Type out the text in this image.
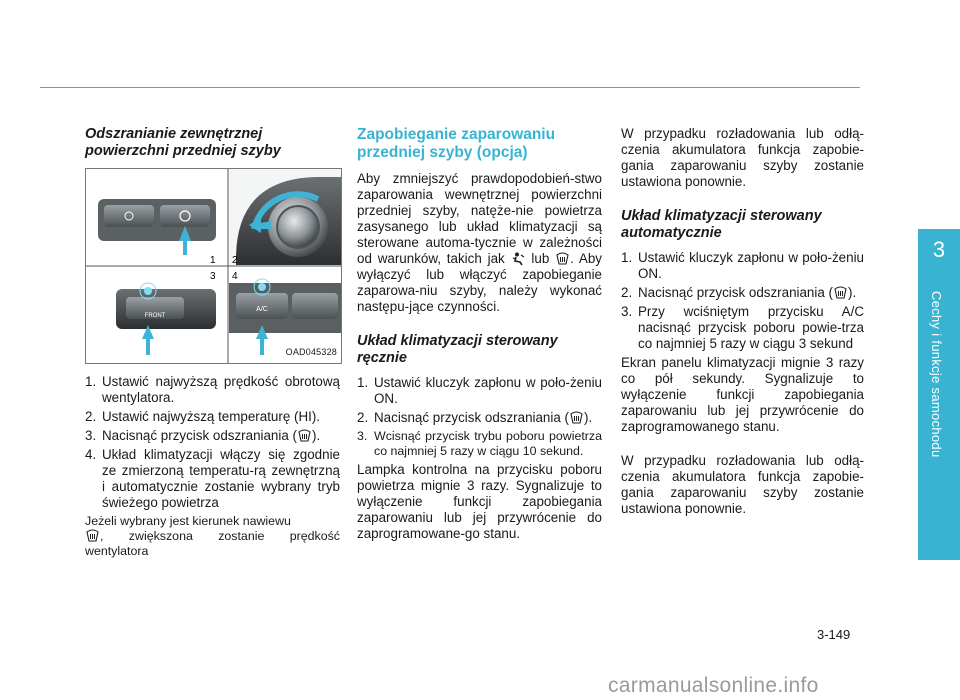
Odszranianie zewnętrznej powierzchni przedniej szyby
1 2
3
FRONT
4
A/C
OAD045328
1. Ustawić najwyższą prędkość obrotową wentylatora.
2. Ustawić najwyższą temperaturę (HI).
3. Nacisnąć przycisk odszraniania ( ).
4. Układ klimatyzacji włączy się zgodnie ze zmierzoną temperatu-rą zewnętrzną i automatycznie zostanie wybrany tryb świeżego powietrza

Jeżeli wybrany jest kierunek nawiewu
, zwiększona zostanie prędkość wentylatora

Zapobieganie zaparowaniu przedniej szyby (opcja)

Aby zmniejszyć prawdopodobień-stwo zaparowania wewnętrznej powierzchni przedniej szyby, natęże-nie powietrza zasysanego lub układ klimatyzacji są sterowane automa-tycznie w zależności od warunków, takich jak lub . Aby wyłączyć lub włączyć zapobieganie zaparowa-niu szyby, należy wykonać następu-jące czynności.

Układ klimatyzacji sterowany ręcznie
1. Ustawić kluczyk zapłonu w poło-żeniu ON.
2. Nacisnąć przycisk odszraniania ( ).
3. Wcisnąć przycisk trybu poboru powietrza co najmniej 5 razy w ciągu 10 sekund.

Lampka kontrolna na przycisku poboru powietrza mignie 3 razy. Sygnalizuje to wyłączenie funkcji zapobiegania zaparowaniu lub jej przywrócenie do zaprogramowane-go stanu.

W przypadku rozładowania lub odłą-czenia akumulatora funkcja zapobie-gania zaparowaniu szyby zostanie ustawiona ponownie.

Układ klimatyzacji sterowany automatycznie
1. Ustawić kluczyk zapłonu w poło-żeniu ON.
2. Nacisnąć przycisk odszraniania ( ).
3. Przy wciśniętym przycisku A/C nacisnąć przycisk poboru powie-trza co najmniej 5 razy w ciągu 3 sekund

Ekran panelu klimatyzacji mignie 3 razy co pół sekundy. Sygnalizuje to wyłączenie funkcji zapobiegania zaparowaniu lub jej przywrócenie do zaprogramowanego stanu.

W przypadku rozładowania lub odłą-czenia akumulatora funkcja zapobie-gania zaparowaniu szyby zostanie ustawiona ponownie.

3
Cechy i funkcje samochodu
3-149
carmanualsonline.info
